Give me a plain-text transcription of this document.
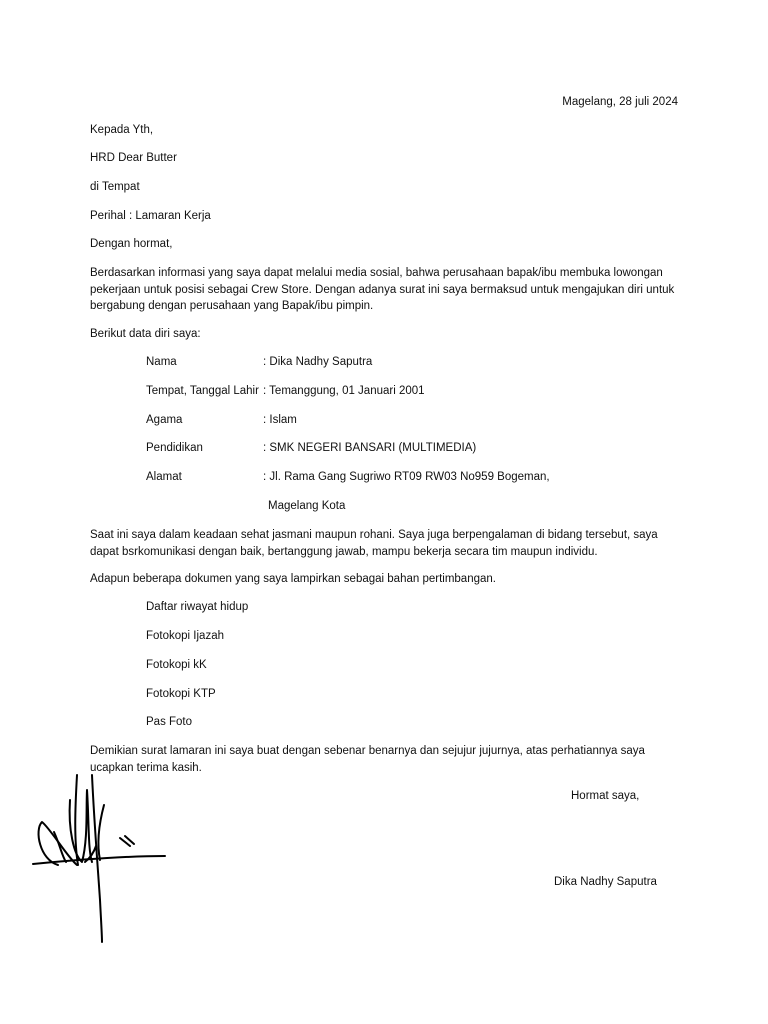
Magelang, 28 juli 2024
Kepada Yth,
HRD Dear Butter
di Tempat
Perihal : Lamaran Kerja
Dengan hormat,
Berdasarkan informasi yang saya dapat melalui media sosial, bahwa perusahaan bapak/ibu membuka lowongan pekerjaan untuk posisi sebagai Crew Store. Dengan adanya surat ini saya bermaksud untuk mengajukan diri untuk bergabung dengan perusahaan yang Bapak/ibu pimpin.
Berikut data diri saya:
Nama	: Dika Nadhy Saputra
Tempat, Tanggal Lahir : Temanggung, 01 Januari 2001
Agama	: Islam
Pendidikan	: SMK NEGERI BANSARI (MULTIMEDIA)
Alamat	: Jl. Rama Gang Sugriwo RT09 RW03 No959 Bogeman,
Magelang Kota
Saat ini saya dalam keadaan sehat jasmani maupun rohani. Saya juga berpengalaman di bidang tersebut, saya dapat bsrkomunikasi dengan baik, bertanggung jawab, mampu bekerja secara tim maupun individu.
Adapun beberapa dokumen yang saya lampirkan sebagai bahan pertimbangan.
Daftar riwayat hidup
Fotokopi Ijazah
Fotokopi kK
Fotokopi KTP
Pas Foto
Demikian surat lamaran ini saya buat dengan sebenar benarnya dan sejujur jujurnya, atas perhatiannya saya ucapkan terima kasih.
Hormat saya,
Dika Nadhy Saputra
